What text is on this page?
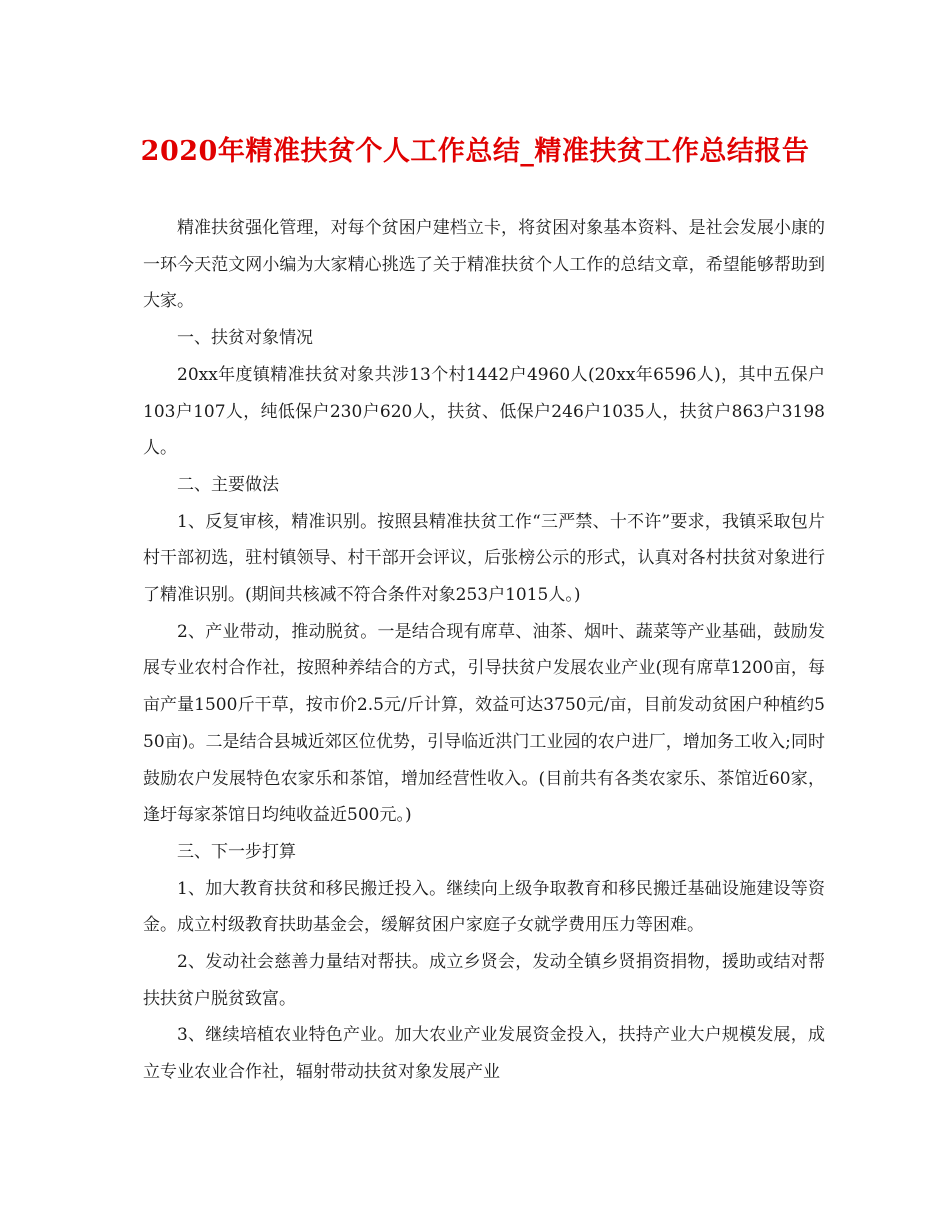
2020年精准扶贫个人工作总结_精准扶贫工作总结报告

精准扶贫强化管理，对每个贫困户建档立卡，将贫困对象基本资料、是社会发展小康的一环今天范文网小编为大家精心挑选了关于精准扶贫个人工作的总结文章，希望能够帮助到大家。

一、扶贫对象情况

20xx年度镇精准扶贫对象共涉13个村1442户4960人(20xx年6596人)，其中五保户103户107人，纯低保户230户620人，扶贫、低保户246户1035人，扶贫户863户3198人。

二、主要做法

1、反复审核，精准识别。按照县精准扶贫工作“三严禁、十不许”要求，我镇采取包片村干部初选，驻村镇领导、村干部开会评议，后张榜公示的形式，认真对各村扶贫对象进行了精准识别。(期间共核减不符合条件对象253户1015人。)

2、产业带动，推动脱贫。一是结合现有席草、油茶、烟叶、蔬菜等产业基础，鼓励发展专业农村合作社，按照种养结合的方式，引导扶贫户发展农业产业(现有席草1200亩，每亩产量1500斤干草，按市价2.5元/斤计算，效益可达3750元/亩，目前发动贫困户种植约550亩)。二是结合县城近郊区位优势，引导临近洪门工业园的农户进厂，增加务工收入;同时鼓励农户发展特色农家乐和茶馆，增加经营性收入。(目前共有各类农家乐、茶馆近60家，逢圩每家茶馆日均纯收益近500元。)

三、下一步打算

1、加大教育扶贫和移民搬迁投入。继续向上级争取教育和移民搬迁基础设施建设等资金。成立村级教育扶助基金会，缓解贫困户家庭子女就学费用压力等困难。

2、发动社会慈善力量结对帮扶。成立乡贤会，发动全镇乡贤捐资捐物，援助或结对帮扶扶贫户脱贫致富。

3、继续培植农业特色产业。加大农业产业发展资金投入，扶持产业大户规模发展，成立专业农业合作社，辐射带动扶贫对象发展产业
